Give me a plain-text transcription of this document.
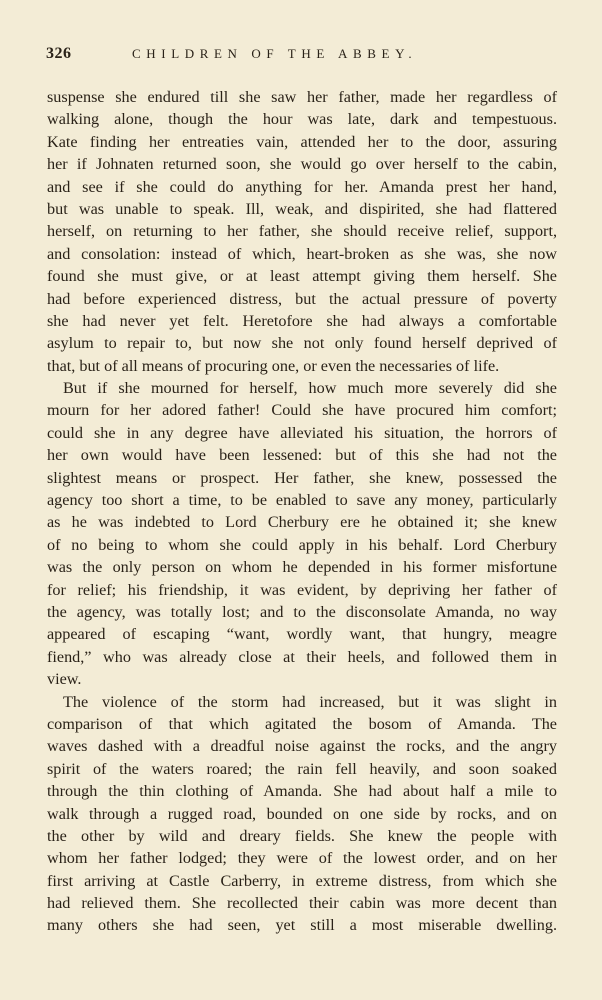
326	CHILDREN OF THE ABBEY.
suspense she endured till she saw her father, made her regardless of
walking alone, though the hour was late, dark and tempestuous.
Kate finding her entreaties vain, attended her to the door, assuring
her if Johnaten returned soon, she would go over herself to the cabin,
and see if she could do anything for her. Amanda prest her hand,
but was unable to speak. Ill, weak, and dispirited, she had flattered
herself, on returning to her father, she should receive relief, support,
and consolation: instead of which, heart-broken as she was, she now
found she must give, or at least attempt giving them herself. She
had before experienced distress, but the actual pressure of poverty
she had never yet felt. Heretofore she had always a comfortable
asylum to repair to, but now she not only found herself deprived of
that, but of all means of procuring one, or even the necessaries of life.
But if she mourned for herself, how much more severely did she
mourn for her adored father! Could she have procured him comfort;
could she in any degree have alleviated his situation, the horrors of
her own would have been lessened: but of this she had not the
slightest means or prospect. Her father, she knew, possessed the
agency too short a time, to be enabled to save any money, particularly
as he was indebted to Lord Cherbury ere he obtained it; she knew
of no being to whom she could apply in his behalf. Lord Cherbury
was the only person on whom he depended in his former misfortune
for relief; his friendship, it was evident, by depriving her father of
the agency, was totally lost; and to the disconsolate Amanda, no way
appeared of escaping “want, wordly want, that hungry, meagre
fiend,” who was already close at their heels, and followed them in
view.
The violence of the storm had increased, but it was slight in
comparison of that which agitated the bosom of Amanda. The
waves dashed with a dreadful noise against the rocks, and the angry
spirit of the waters roared; the rain fell heavily, and soon soaked
through the thin clothing of Amanda. She had about half a mile to
walk through a rugged road, bounded on one side by rocks, and on
the other by wild and dreary fields. She knew the people with
whom her father lodged; they were of the lowest order, and on her
first arriving at Castle Carberry, in extreme distress, from which she
had relieved them. She recollected their cabin was more decent than
many others she had seen, yet still a most miserable dwelling.
